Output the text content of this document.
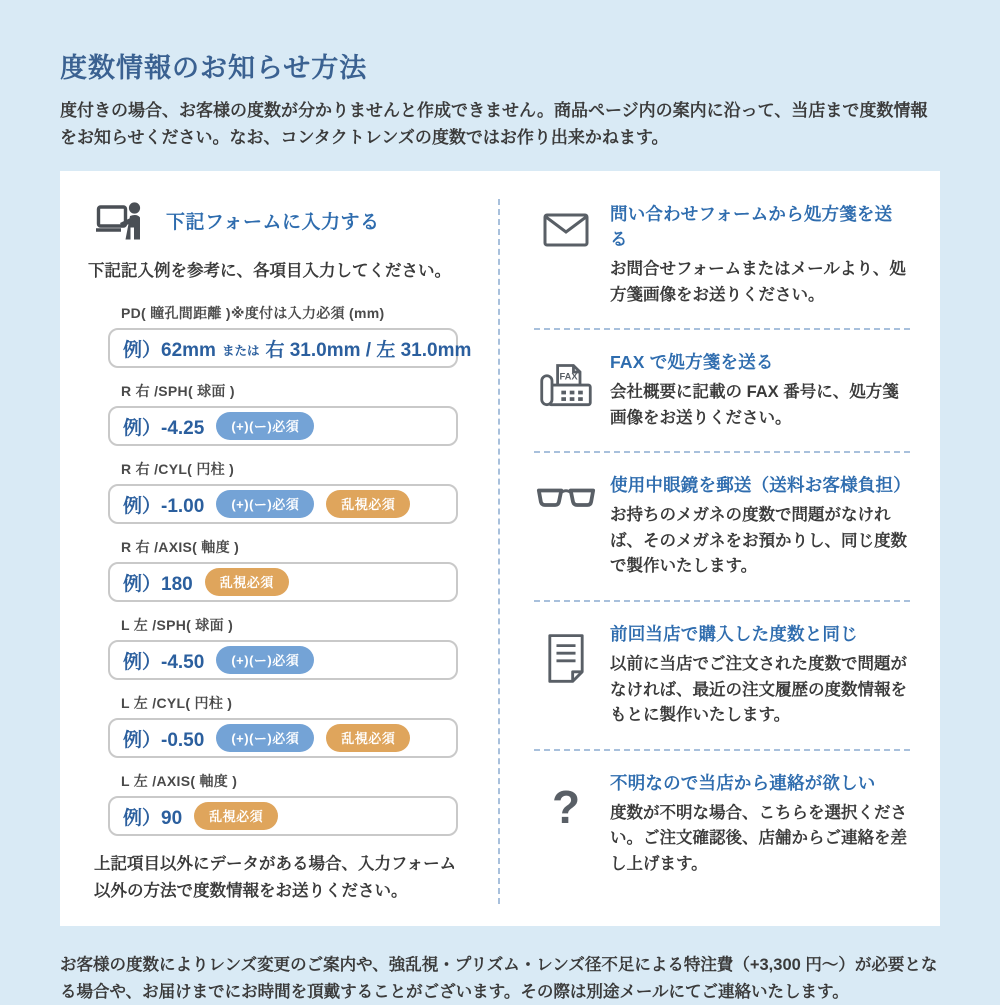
度数情報のお知らせ方法

度付きの場合、お客様の度数が分かりませんと作成できません。商品ページ内の案内に沿って、当店まで度数情報をお知らせください。なお、コンタクトレンズの度数ではお作り出来かねます。

下記フォームに入力する

下記記入例を参考に、各項目入力してください。

PD( 瞳孔間距離 )※度付は入力必須 (mm)
例）62mm または 右 31.0mm / 左 31.0mm
R 右 /SPH( 球面 )
例）-4.25	(+)(ー)必須
R 右 /CYL( 円柱 )
例）-1.00	(+)(ー)必須	乱視必須
R 右 /AXIS( 軸度 )
例）180	乱視必須
L 左 /SPH( 球面 )
例）-4.50	(+)(ー)必須
L 左 /CYL( 円柱 )
例）-0.50	(+)(ー)必須	乱視必須
L 左 /AXIS( 軸度 )
例）90	乱視必須

上記項目以外にデータがある場合、入力フォーム以外の方法で度数情報をお送りください。

問い合わせフォームから処方箋を送る
お問合せフォームまたはメールより、処方箋画像をお送りください。
FAX
FAX で処方箋を送る
会社概要に記載の FAX 番号に、処方箋画像をお送りください。
使用中眼鏡を郵送（送料お客様負担）
お持ちのメガネの度数で問題がなければ、そのメガネをお預かりし、同じ度数で製作いたします。
前回当店で購入した度数と同じ
以前に当店でご注文された度数で問題がなければ、最近の注文履歴の度数情報をもとに製作いたします。
? 不明なので当店から連絡が欲しい
度数が不明な場合、こちらを選択ください。ご注文確認後、店舗からご連絡を差し上げます。

お客様の度数によりレンズ変更のご案内や、強乱視・プリズム・レンズ径不足による特注費（+3,300 円〜）が必要となる場合や、お届けまでにお時間を頂戴することがございます。その際は別途メールにてご連絡いたします。
